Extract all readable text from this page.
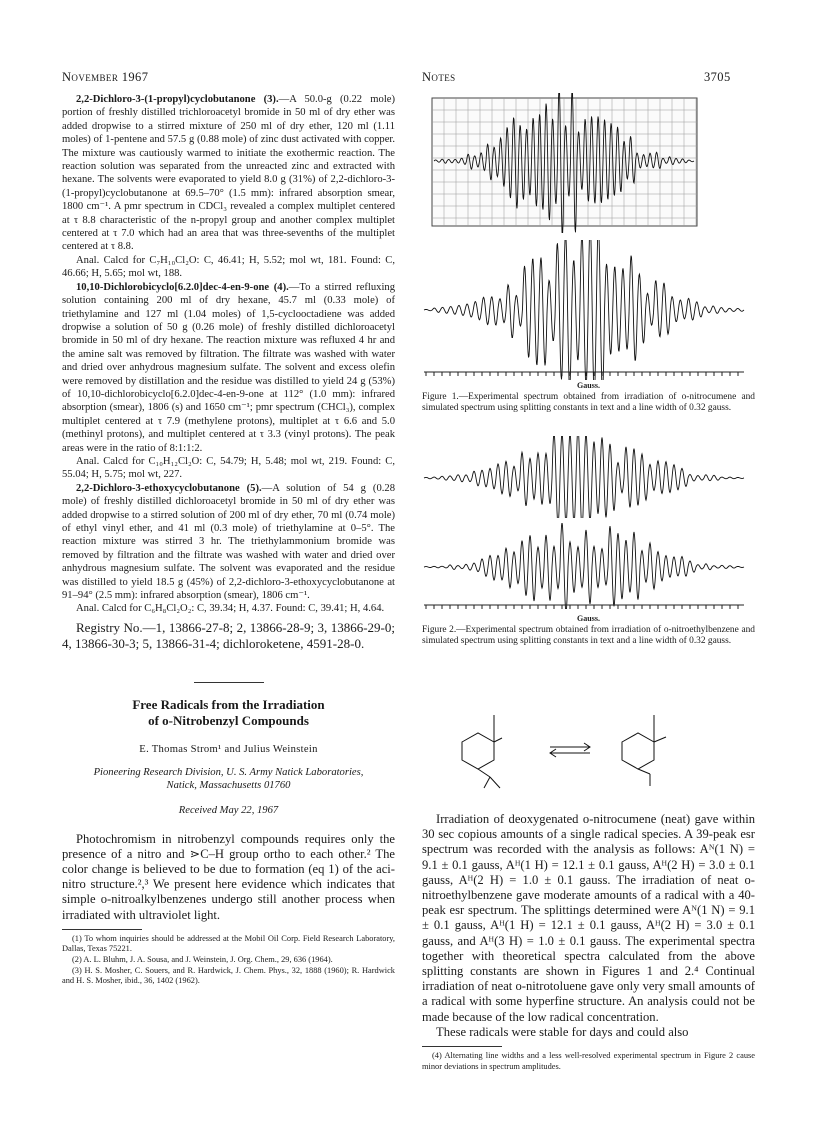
November 1967	Notes	3705

2,2-Dichloro-3-(1-propyl)cyclobutanone (3).—A 50.0-g (0.22 mole) portion of freshly distilled trichloroacetyl bromide in 50 ml of dry ether was added dropwise to a stirred mixture of 250 ml of dry ether, 120 ml (1.11 moles) of 1-pentene and 57.5 g (0.88 mole) of zinc dust activated with copper. The mixture was cautiously warmed to initiate the exothermic reaction. The reaction solution was separated from the unreacted zinc and extracted with hexane. The solvents were evaporated to yield 8.0 g (31%) of 2,2-dichloro-3-(1-propyl)cyclobutanone at 69.5–70° (1.5 mm): infrared absorption smear, 1800 cm⁻¹. A pmr spectrum in CDCl₃ revealed a complex multiplet centered at τ 8.8 characteristic of the n-propyl group and another complex multiplet centered at τ 7.0 which had an area that was three-sevenths of the multiplet centered at τ 8.8.

Anal. Calcd for C₇H₁₀Cl₂O: C, 46.41; H, 5.52; mol wt, 181. Found: C, 46.66; H, 5.65; mol wt, 188.

10,10-Dichlorobicyclo[6.2.0]dec-4-en-9-one (4).—To a stirred refluxing solution containing 200 ml of dry hexane, 45.7 ml (0.33 mole) of triethylamine and 127 ml (1.04 moles) of 1,5-cyclooctadiene was added dropwise a solution of 50 g (0.26 mole) of freshly distilled dichloroacetyl bromide in 50 ml of dry hexane. The reaction mixture was refluxed 4 hr and the amine salt was removed by filtration. The filtrate was washed with water and dried over anhydrous magnesium sulfate. The solvent and excess olefin were removed by distillation and the residue was distilled to yield 24 g (53%) of 10,10-dichlorobicyclo[6.2.0]dec-4-en-9-one at 112° (1.0 mm): infrared absorption (smear), 1806 (s) and 1650 cm⁻¹; pmr spectrum (CHCl₃), complex multiplet centered at τ 7.9 (methylene protons), multiplet at τ 6.6 and 5.0 (methinyl protons), and multiplet centered at τ 3.3 (vinyl protons). The peak areas were in the ratio of 8:1:1:2.

Anal. Calcd for C₁₀H₁₂Cl₂O: C, 54.79; H, 5.48; mol wt, 219. Found: C, 55.04; H, 5.75; mol wt, 227.

2,2-Dichloro-3-ethoxycyclobutanone (5).—A solution of 54 g (0.28 mole) of freshly distilled dichloroacetyl bromide in 50 ml of dry ether was added dropwise to a stirred solution of 200 ml of dry ether, 70 ml (0.74 mole) of ethyl vinyl ether, and 41 ml (0.3 mole) of triethylamine at 0–5°. The reaction mixture was stirred 3 hr. The triethylammonium bromide was removed by filtration and the filtrate was washed with water and dried over anhydrous magnesium sulfate. The solvent was evaporated and the residue was distilled to yield 18.5 g (45%) of 2,2-dichloro-3-ethoxycyclobutanone at 91–94° (2.5 mm): infrared absorption (smear), 1806 cm⁻¹.

Anal. Calcd for C₆H₈Cl₂O₂: C, 39.34; H, 4.37. Found: C, 39.41; H, 4.64.

Registry No.—1, 13866-27-8; 2, 13866-28-9; 3, 13866-29-0; 4, 13866-30-3; 5, 13866-31-4; dichloroketene, 4591-28-0.

Free Radicals from the Irradiation
of o-Nitrobenzyl Compounds
E. Thomas Strom¹ and Julius Weinstein
Pioneering Research Division, U. S. Army Natick Laboratories,
Natick, Massachusetts 01760
Received May 22, 1967

Photochromism in nitrobenzyl compounds requires only the presence of a nitro and ⋗C–H group ortho to each other.² The color change is believed to be due to formation (eq 1) of the aci-nitro structure.²,³ We present here evidence which indicates that simple o-nitroalkylbenzenes undergo still another process when irradiated with ultraviolet light.

(1) To whom inquiries should be addressed at the Mobil Oil Corp. Field Research Laboratory, Dallas, Texas 75221.

(2) A. L. Bluhm, J. A. Sousa, and J. Weinstein, J. Org. Chem., 29, 636 (1964).

(3) H. S. Mosher, C. Souers, and R. Hardwick, J. Chem. Phys., 32, 1888 (1960); R. Hardwick and H. S. Mosher, ibid., 36, 1402 (1962).

Gauss.
Figure 1.—Experimental spectrum obtained from irradiation of o-nitrocumene and simulated spectrum using splitting constants in text and a line width of 0.32 gauss.

Gauss.
Figure 2.—Experimental spectrum obtained from irradiation of o-nitroethylbenzene and simulated spectrum using splitting constants in text and a line width of 0.32 gauss.

Irradiation of deoxygenated o-nitrocumene (neat) gave within 30 sec copious amounts of a single radical species. A 39-peak esr spectrum was recorded with the analysis as follows: Aᴺ(1 N) = 9.1 ± 0.1 gauss, Aᴴ(1 H) = 12.1 ± 0.1 gauss, Aᴴ(2 H) = 3.0 ± 0.1 gauss, Aᴴ(2 H) = 1.0 ± 0.1 gauss. The irradiation of neat o-nitroethylbenzene gave moderate amounts of a radical with a 40-peak esr spectrum. The splittings determined were Aᴺ(1 N) = 9.1 ± 0.1 gauss, Aᴴ(1 H) = 12.1 ± 0.1 gauss, Aᴴ(2 H) = 3.0 ± 0.1 gauss, and Aᴴ(3 H) = 1.0 ± 0.1 gauss. The experimental spectra together with theoretical spectra calculated from the above splitting constants are shown in Figures 1 and 2.⁴ Continual irradiation of neat o-nitrotoluene gave only very small amounts of a radical with some hyperfine structure. An analysis could not be made because of the low radical concentration.

These radicals were stable for days and could also

(4) Alternating line widths and a less well-resolved experimental spectrum in Figure 2 cause minor deviations in spectrum amplitudes.
